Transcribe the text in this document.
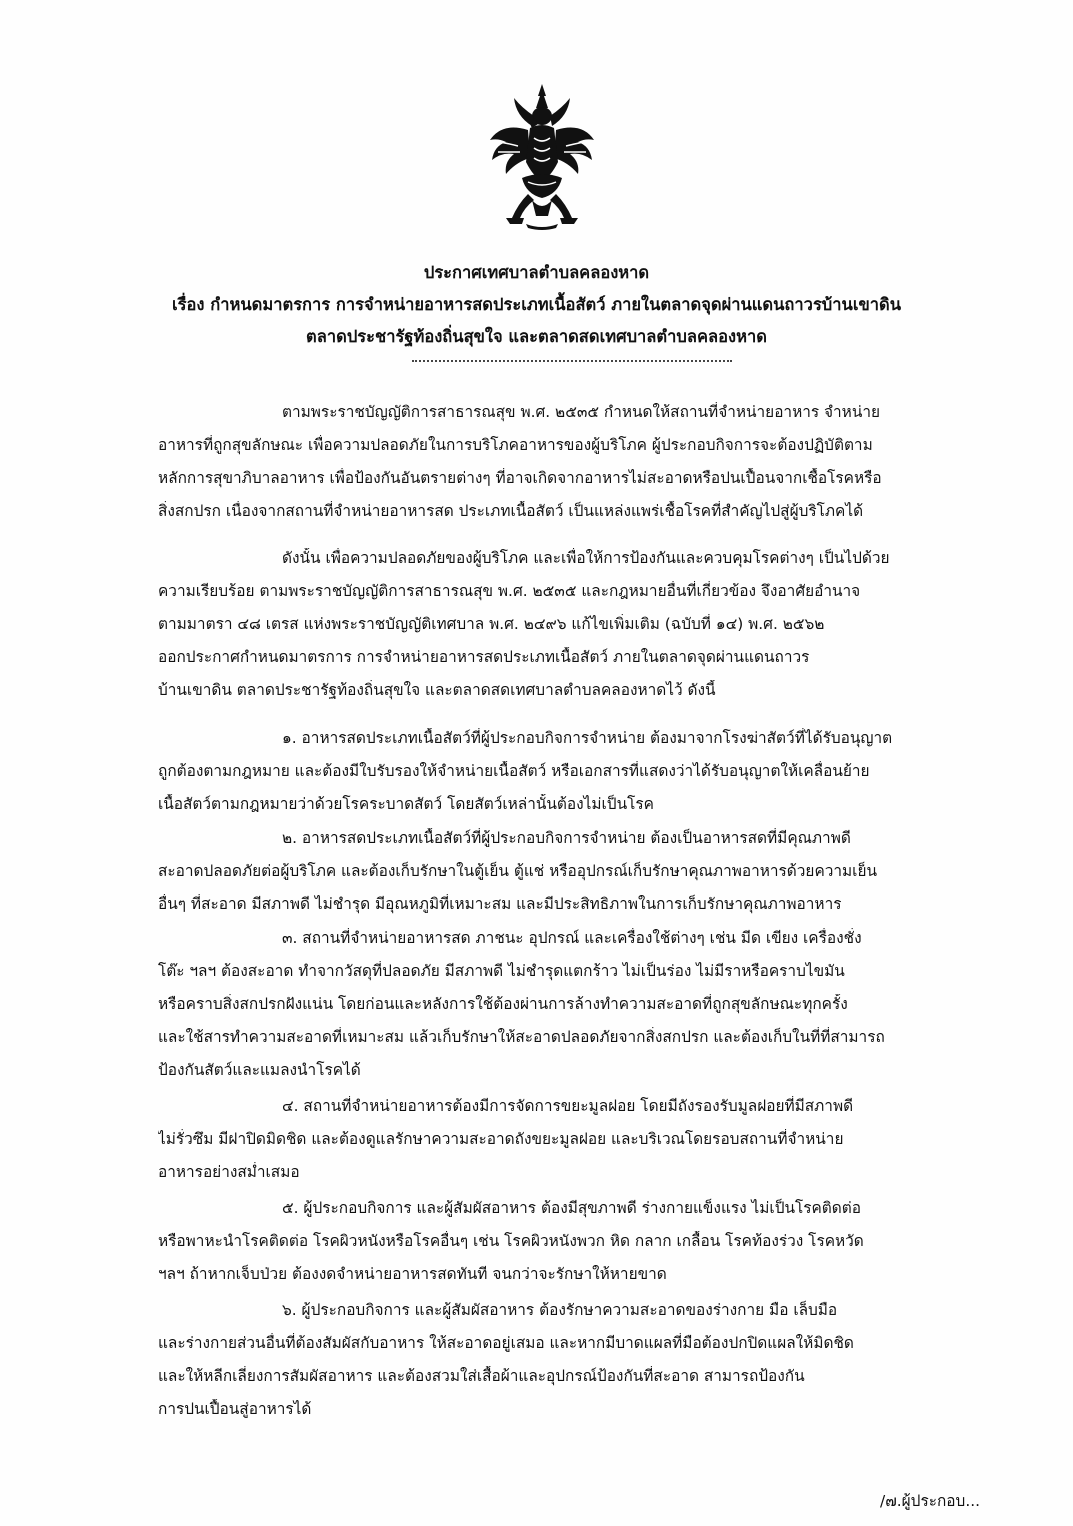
ประกาศเทศบาลตำบลคลองหาด
เรื่อง กำหนดมาตรการ การจำหน่ายอาหารสดประเภทเนื้อสัตว์ ภายในตลาดจุดผ่านแดนถาวรบ้านเขาดิน
ตลาดประชารัฐท้องถิ่นสุขใจ และตลาดสดเทศบาลตำบลคลองหาด
ตามพระราชบัญญัติการสาธารณสุข พ.ศ. ๒๕๓๕ กำหนดให้สถานที่จำหน่ายอาหาร จำหน่าย
อาหารที่ถูกสุขลักษณะ เพื่อความปลอดภัยในการบริโภคอาหารของผู้บริโภค ผู้ประกอบกิจการจะต้องปฏิบัติตาม
หลักการสุขาภิบาลอาหาร เพื่อป้องกันอันตรายต่างๆ ที่อาจเกิดจากอาหารไม่สะอาดหรือปนเปื้อนจากเชื้อโรคหรือ
สิ่งสกปรก เนื่องจากสถานที่จำหน่ายอาหารสด ประเภทเนื้อสัตว์ เป็นแหล่งแพร่เชื้อโรคที่สำคัญไปสู่ผู้บริโภคได้
ดังนั้น เพื่อความปลอดภัยของผู้บริโภค และเพื่อให้การป้องกันและควบคุมโรคต่างๆ เป็นไปด้วย
ความเรียบร้อย ตามพระราชบัญญัติการสาธารณสุข พ.ศ. ๒๕๓๕ และกฎหมายอื่นที่เกี่ยวข้อง จึงอาศัยอำนาจ
ตามมาตรา ๔๘ เตรส แห่งพระราชบัญญัติเทศบาล พ.ศ. ๒๔๙๖ แก้ไขเพิ่มเติม (ฉบับที่ ๑๔) พ.ศ. ๒๕๖๒
ออกประกาศกำหนดมาตรการ การจำหน่ายอาหารสดประเภทเนื้อสัตว์ ภายในตลาดจุดผ่านแดนถาวร
บ้านเขาดิน ตลาดประชารัฐท้องถิ่นสุขใจ และตลาดสดเทศบาลตำบลคลองหาดไว้ ดังนี้
๑. อาหารสดประเภทเนื้อสัตว์ที่ผู้ประกอบกิจการจำหน่าย ต้องมาจากโรงฆ่าสัตว์ที่ได้รับอนุญาต
ถูกต้องตามกฎหมาย และต้องมีใบรับรองให้จำหน่ายเนื้อสัตว์ หรือเอกสารที่แสดงว่าได้รับอนุญาตให้เคลื่อนย้าย
เนื้อสัตว์ตามกฎหมายว่าด้วยโรคระบาดสัตว์ โดยสัตว์เหล่านั้นต้องไม่เป็นโรค
๒. อาหารสดประเภทเนื้อสัตว์ที่ผู้ประกอบกิจการจำหน่าย ต้องเป็นอาหารสดที่มีคุณภาพดี
สะอาดปลอดภัยต่อผู้บริโภค และต้องเก็บรักษาในตู้เย็น ตู้แช่ หรืออุปกรณ์เก็บรักษาคุณภาพอาหารด้วยความเย็น
อื่นๆ ที่สะอาด มีสภาพดี ไม่ชำรุด มีอุณหภูมิที่เหมาะสม และมีประสิทธิภาพในการเก็บรักษาคุณภาพอาหาร
๓. สถานที่จำหน่ายอาหารสด ภาชนะ อุปกรณ์ และเครื่องใช้ต่างๆ เช่น มีด เขียง เครื่องชั่ง
โต๊ะ ฯลฯ ต้องสะอาด ทำจากวัสดุที่ปลอดภัย มีสภาพดี ไม่ชำรุดแตกร้าว ไม่เป็นร่อง ไม่มีราหรือคราบไขมัน
หรือคราบสิ่งสกปรกฝังแน่น โดยก่อนและหลังการใช้ต้องผ่านการล้างทำความสะอาดที่ถูกสุขลักษณะทุกครั้ง
และใช้สารทำความสะอาดที่เหมาะสม แล้วเก็บรักษาให้สะอาดปลอดภัยจากสิ่งสกปรก และต้องเก็บในที่ที่สามารถ
ป้องกันสัตว์และแมลงนำโรคได้
๔. สถานที่จำหน่ายอาหารต้องมีการจัดการขยะมูลฝอย โดยมีถังรองรับมูลฝอยที่มีสภาพดี
ไม่รั่วซึม มีฝาปิดมิดชิด และต้องดูแลรักษาความสะอาดถังขยะมูลฝอย และบริเวณโดยรอบสถานที่จำหน่าย
อาหารอย่างสม่ำเสมอ
๕. ผู้ประกอบกิจการ และผู้สัมผัสอาหาร ต้องมีสุขภาพดี ร่างกายแข็งแรง ไม่เป็นโรคติดต่อ
หรือพาหะนำโรคติดต่อ โรคผิวหนังหรือโรคอื่นๆ เช่น โรคผิวหนังพวก หิด กลาก เกลื้อน โรคท้องร่วง โรคหวัด
ฯลฯ ถ้าหากเจ็บป่วย ต้องงดจำหน่ายอาหารสดทันที จนกว่าจะรักษาให้หายขาด
๖. ผู้ประกอบกิจการ และผู้สัมผัสอาหาร ต้องรักษาความสะอาดของร่างกาย มือ เล็บมือ
และร่างกายส่วนอื่นที่ต้องสัมผัสกับอาหาร ให้สะอาดอยู่เสมอ และหากมีบาดแผลที่มือต้องปกปิดแผลให้มิดชิด
และให้หลีกเลี่ยงการสัมผัสอาหาร และต้องสวมใส่เสื้อผ้าและอุปกรณ์ป้องกันที่สะอาด สามารถป้องกัน
การปนเปื้อนสู่อาหารได้
/๗.ผู้ประกอบ...
